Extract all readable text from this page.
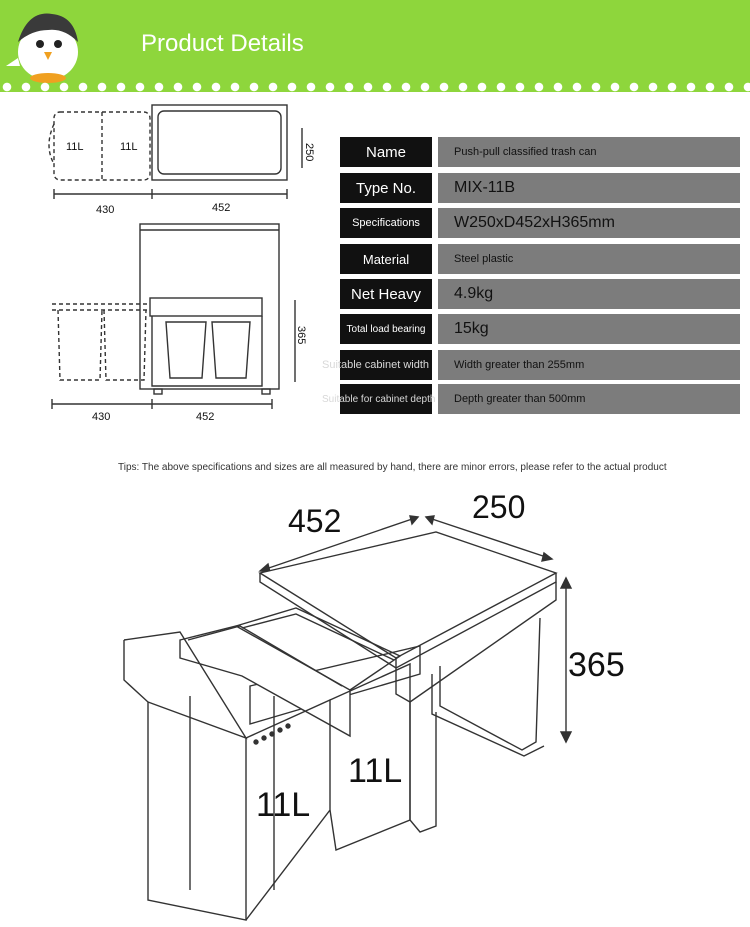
Product Details
11L	11L	250
430	452
365
430	452
Name	Push-pull classified trash can
Type No.	MIX-11B
Specifications	W250xD452xH365mm
Material	Steel plastic
Net Heavy	4.9kg
Total load bearing	15kg
Suitable cabinet width	Width greater than 255mm
Suitable for cabinet depth	Depth greater than 500mm
Tips: The above specifications and sizes are all measured by hand, there are minor errors, please refer to the actual product
452	250
365
11L
11L
